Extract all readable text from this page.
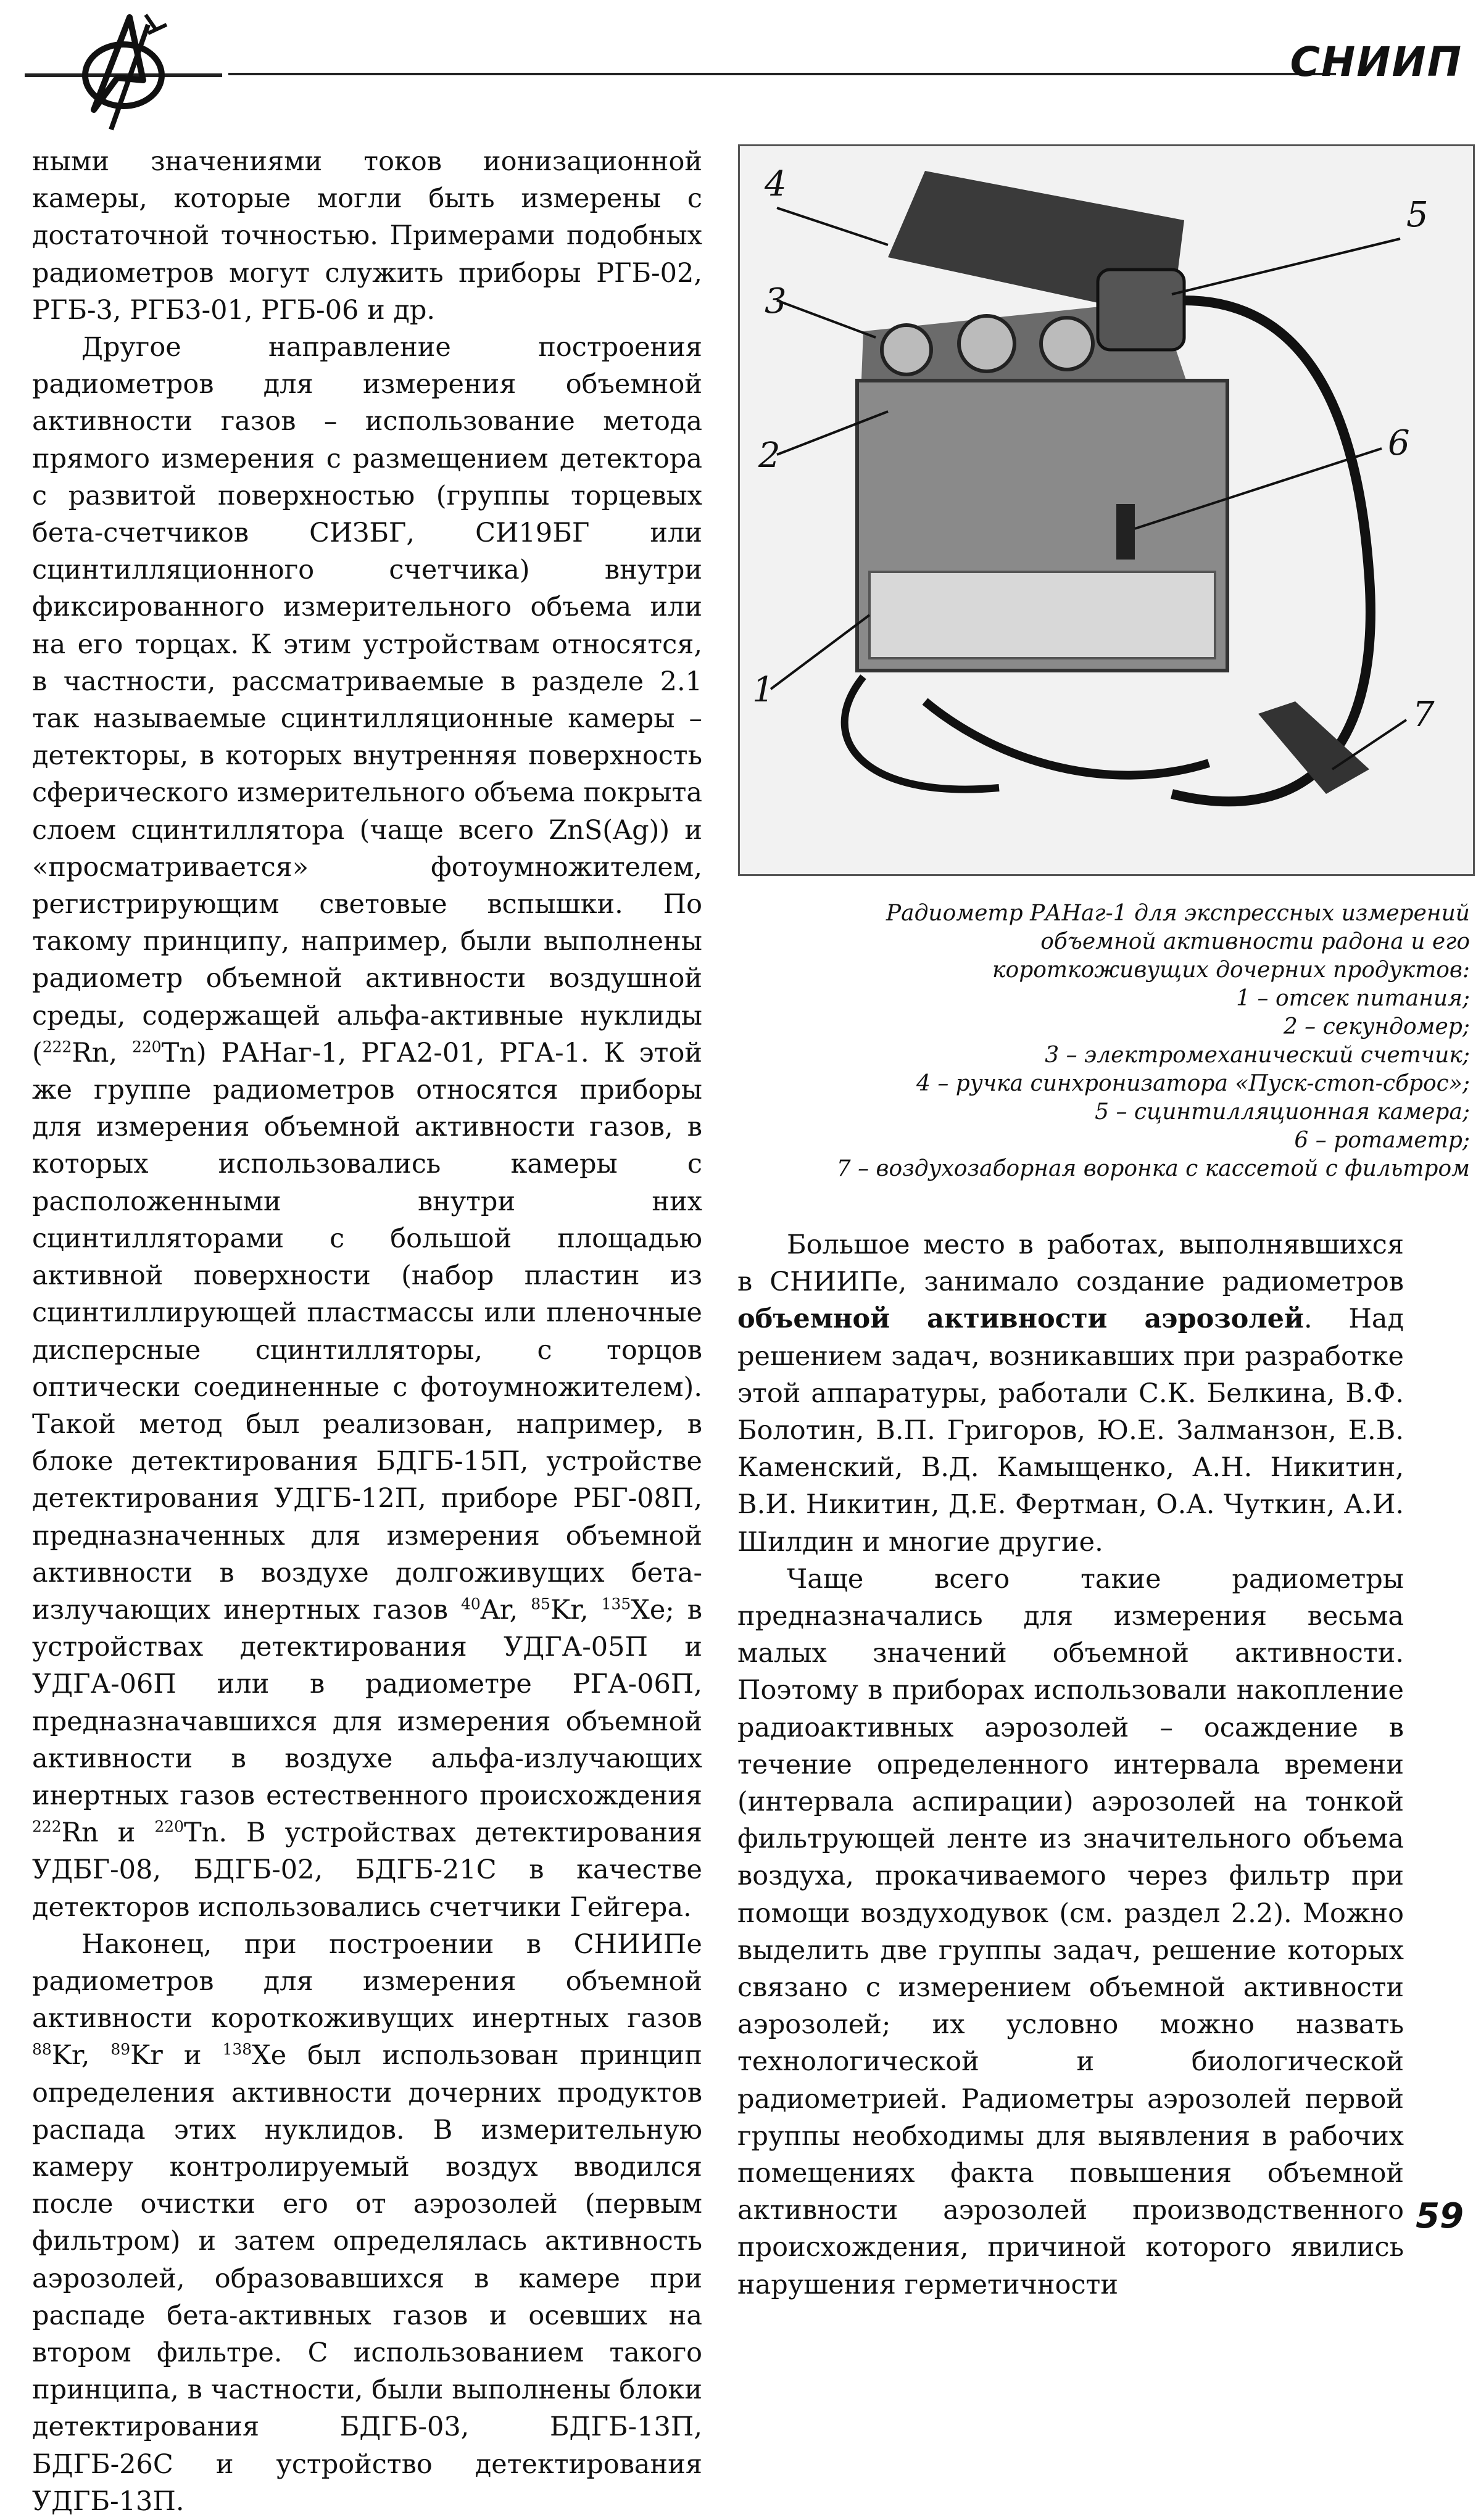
СНИИП

ными значениями токов ионизационной камеры, которые могли быть измерены с достаточной точностью. Примерами подобных радиометров могут служить приборы РГБ-02, РГБ-3, РГБ3-01, РГБ-06 и др.

Другое направление построения радиометров для измерения объемной активности газов – использование метода прямого измерения с размещением детектора с развитой поверхностью (группы торцевых бета-счетчиков СИЗБГ, СИ19БГ или сцинтилляционного счетчика) внутри фиксированного измерительного объема или на его торцах. К этим устройствам относятся, в частности, рассматриваемые в разделе 2.1 так называемые сцинтилляционные камеры – детекторы, в которых внутренняя поверхность сферического измерительного объема покрыта слоем сцинтиллятора (чаще всего ZnS(Ag)) и «просматривается» фотоумножителем, регистрирующим световые вспышки. По такому принципу, например, были выполнены радиометр объемной активности воздушной среды, содержащей альфа-активные нуклиды ($^{222}$Rn, $^{220}$Tn) РАНаг-1, РГА2-01, РГА-1. К этой же группе радиометров относятся приборы для измерения объемной активности газов, в которых использовались камеры с расположенными внутри них сцинтилляторами с большой площадью активной поверхности (набор пластин из сцинтиллирующей пластмассы или пленочные дисперсные сцинтилляторы, с торцов оптически соединенные с фотоумножителем). Такой метод был реализован, например, в блоке детектирования БДГБ-15П, устройстве детектирования УДГБ-12П, приборе РБГ-08П, предназначенных для измерения объемной активности в воздухе долгоживущих бета-излучающих инертных газов $^{40}$Ar, $^{85}$Kr, $^{135}$Xe; в устройствах детектирования УДГА-05П и УДГА-06П или в радиометре РГА-06П, предназначавшихся для измерения объемной активности в воздухе альфа-излучающих инертных газов естественного происхождения $^{222}$Rn и $^{220}$Tn. В устройствах детектирования УДБГ-08, БДГБ-02, БДГБ-21С в качестве детекторов использовались счетчики Гейгера.

Наконец, при построении в СНИИПе радиометров для измерения объемной активности короткоживущих инертных газов $^{88}$Kr, $^{89}$Kr и $^{138}$Xe был использован принцип определения активности дочерних продуктов распада этих нуклидов. В измерительную камеру контролируемый воздух вводился после очистки его от аэрозолей (первым фильтром) и затем определялась активность аэрозолей, образовавшихся в камере при распаде бета-активных газов и осевших на втором фильтре. С использованием такого принципа, в частности, были выполнены блоки детектирования БДГБ-03, БДГБ-13П, БДГБ-26С и устройство детектирования УДГБ-13П.

4
3
2
1
5
6
7
Радиометр РАНаг-1 для экспрессных измерений
объемной активности радона и его
короткоживущих дочерних продуктов:
1 – отсек питания;
2 – секундомер;
3 – электромеханический счетчик;
4 – ручка синхронизатора «Пуск-стоп-сброс»;
5 – сцинтилляционная камера;
6 – ротаметр;
7 – воздухозаборная воронка с кассетой с фильтром

Большое место в работах, выполнявшихся в СНИИПе, занимало создание радиометров объемной активности аэрозолей. Над решением задач, возникавших при разработке этой аппаратуры, работали С.К. Белкина, В.Ф. Болотин, В.П. Григоров, Ю.Е. Залманзон, Е.В. Каменский, В.Д. Камыщенко, А.Н. Никитин, В.И. Никитин, Д.Е. Фертман, О.А. Чуткин, А.И. Шилдин и многие другие.

Чаще всего такие радиометры предназначались для измерения весьма малых значений объемной активности. Поэтому в приборах использовали накопление радиоактивных аэрозолей – осаждение в течение определенного интервала времени (интервала аспирации) аэрозолей на тонкой фильтрующей ленте из значительного объема воздуха, прокачиваемого через фильтр при помощи воздуходувок (см. раздел 2.2). Можно выделить две группы задач, решение которых связано с измерением объемной активности аэрозолей; их условно можно назвать технологической и биологической радиометрией. Радиометры аэрозолей первой группы необходимы для выявления в рабочих помещениях факта повышения объемной активности аэрозолей производственного происхождения, причиной которого явились нарушения герметичности

59
